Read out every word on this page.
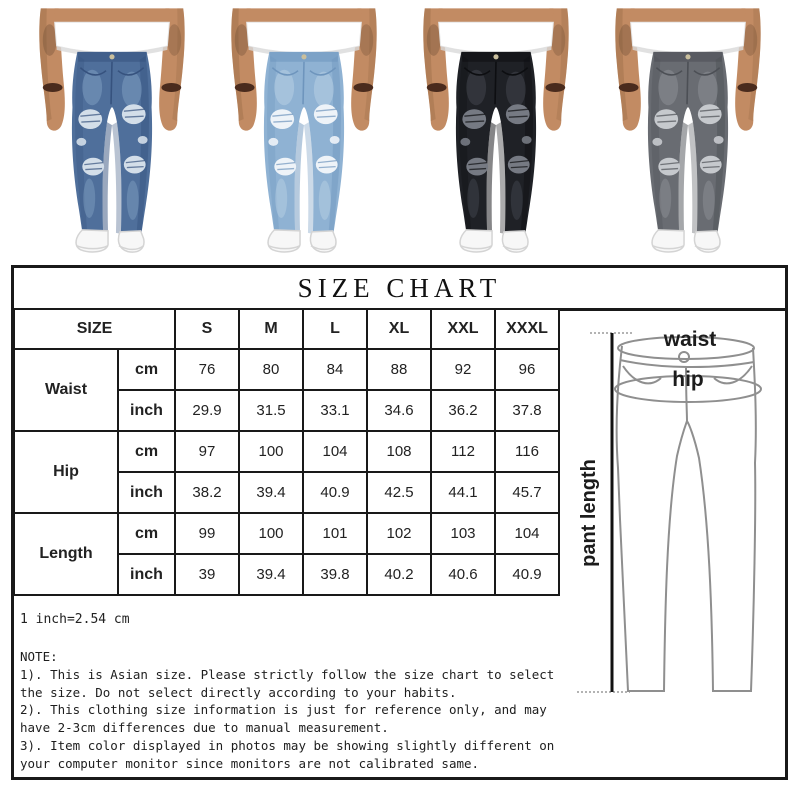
SIZE CHART
SIZE		S	M	L	XL	XXL	XXXL
Waist	cm	76	80	84	88	92	96
	inch	29.9	31.5	33.1	34.6	36.2	37.8
Hip	cm	97	100	104	108	112	116
	inch	38.2	39.4	40.9	42.5	44.1	45.7
Length	cm	99	100	101	102	103	104
	inch	39	39.4	39.8	40.2	40.6	40.9
1 inch=2.54 cm

NOTE:

1). This is Asian size. Please strictly follow the size chart to select the size. Do not select directly according to your habits.

2). This clothing size information is just for reference only, and may have 2-3cm differences due to manual measurement.

3). Item color displayed in photos may be showing slightly different on your computer monitor since monitors are not calibrated same.

pant length
waist
hip
